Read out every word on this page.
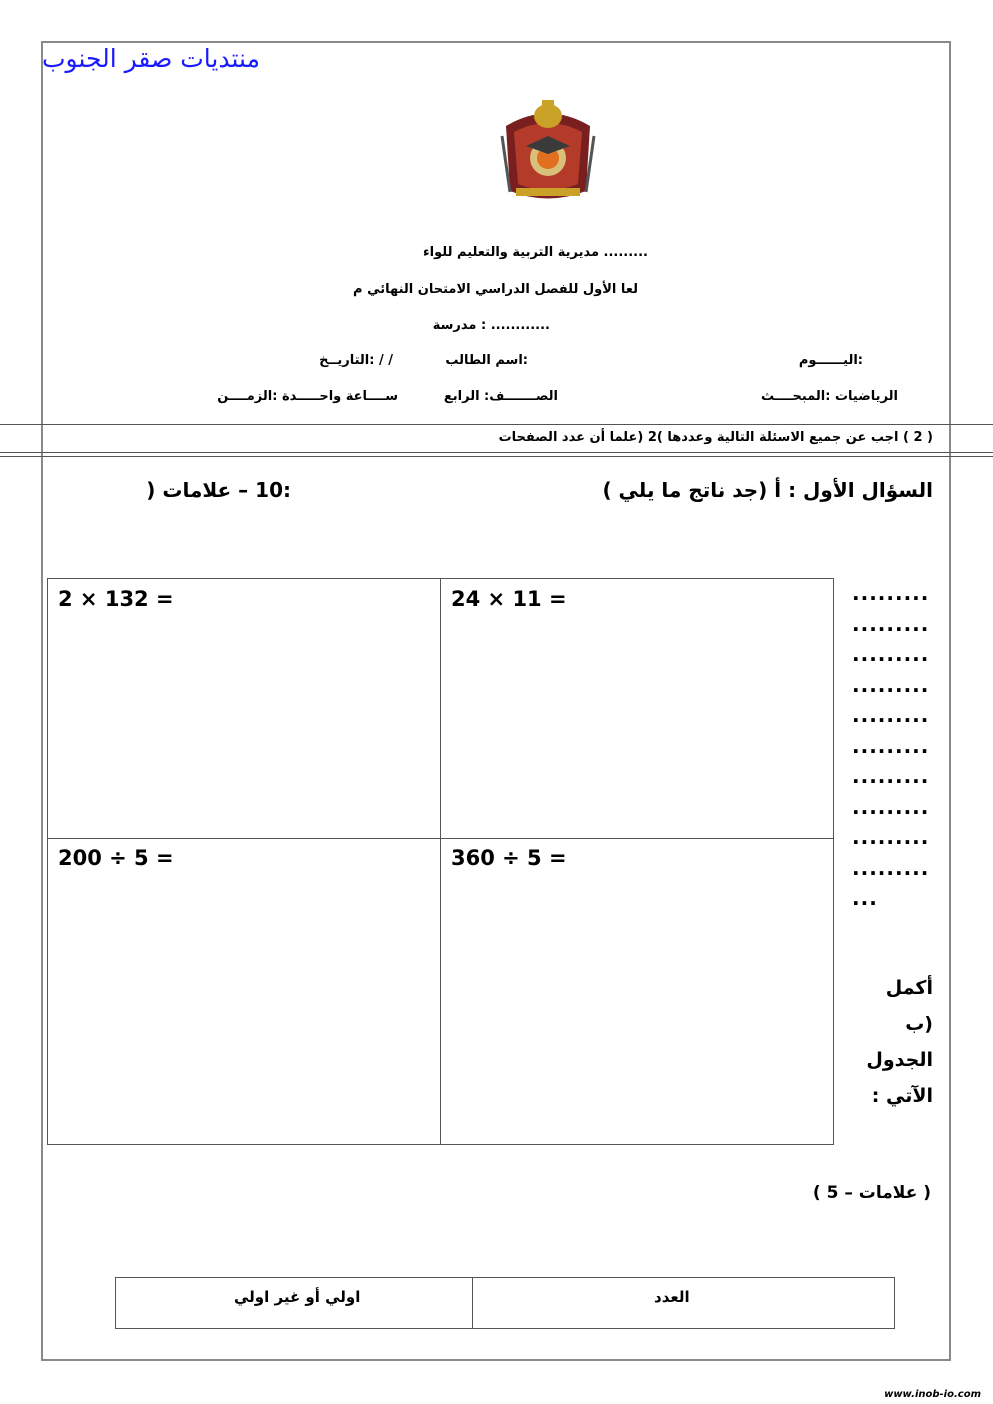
منتديات صقر الجنوب
......... مديرية التربية والتعليم للواء
لعا الأول للفصل الدراسي الامتحان النهائي م
............ : مدرسة
:اليــــــوم
:اسم الطالب
/ / :التاريــخ
الرياضيات :المبحــــث
الصـــــــف: الرابع
ســــاعة واحـــــدة :الزمــــن
( 2 ) اجب عن جميع الاسئلة التالية وعددها )2 (علما أن عدد الصفحات
السؤال الأول : أ (جد ناتج ما يلي )
:10 – علامات (
2 × 132 =	24 × 11 =
200 ÷ 5 =	360 ÷ 5 =
.........
.........
.........
.........
.........
.........
.........
.........
.........
.........
...
أكمل (ب الجدول الآتي :
( علامات – 5 )
العدد
اولي أو غير اولي
www.inob-io.com
